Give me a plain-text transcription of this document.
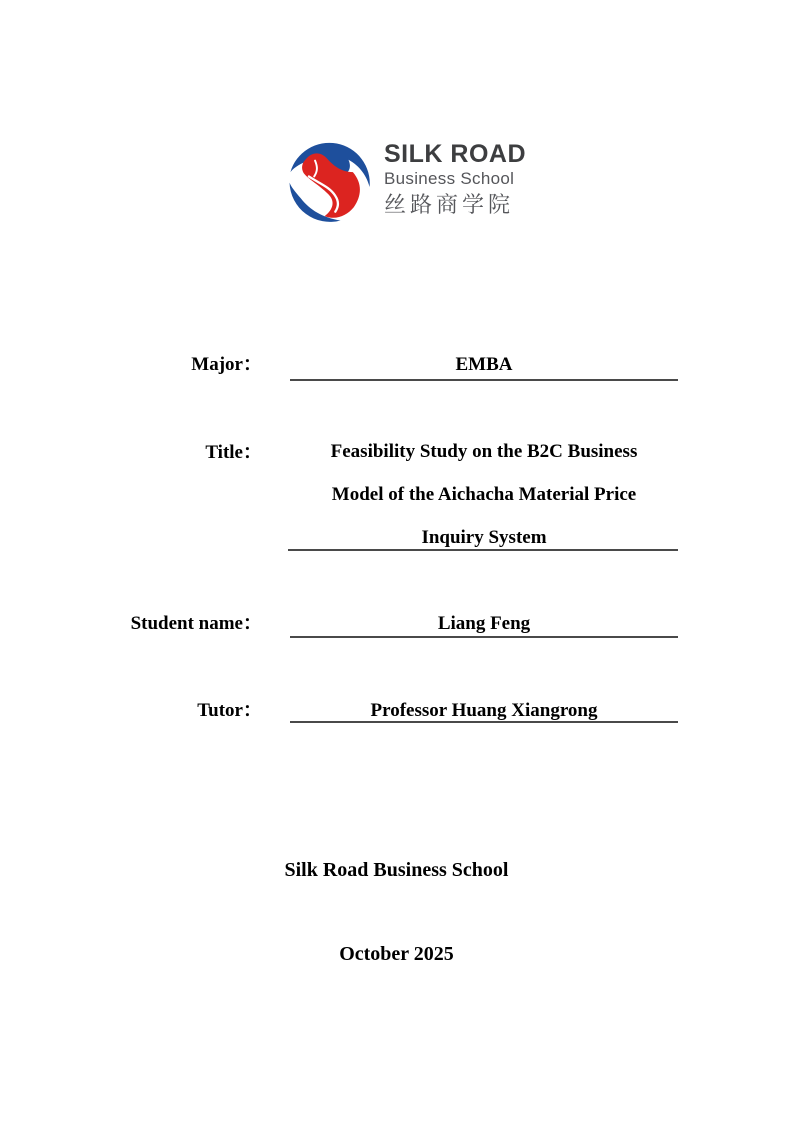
SILK ROAD
Business School
丝路商学院
Major：	EMBA
Title：	Feasibility Study on the B2C Business
Model of the Aichacha Material Price
Inquiry System
Student name：	Liang Feng
Tutor：	Professor Huang Xiangrong
Silk Road Business School
October 2025
